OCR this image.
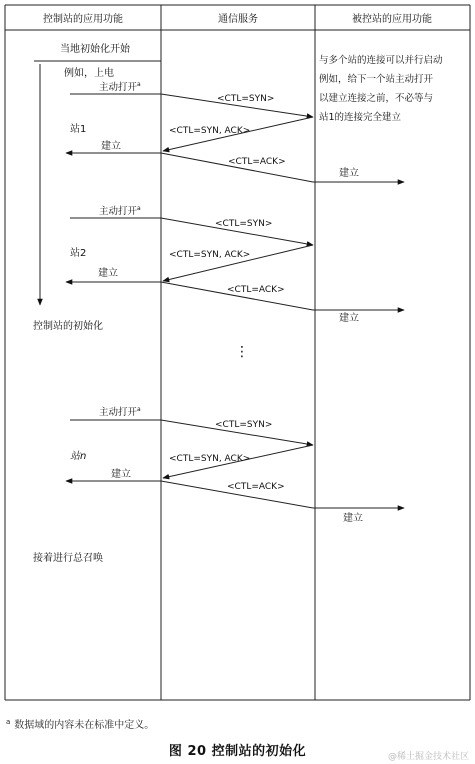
控制站的应用功能	通信服务	被控站的应用功能
当地初始化开始
例如，上电
控制站的初始化
与多个站的连接可以并行启动
例如，给下一个站主动打开
以建立连接之前，不必等与
站1的连接完全建立
主动打开$^a$
<CTL=SYN>
<CTL=SYN, ACK>
站1
建立
<CTL=ACK>
建立
主动打开$^a$
<CTL=SYN>
<CTL=SYN, ACK>
站2
建立
<CTL=ACK>
建立
⋮
主动打开$^a$
<CTL=SYN>
<CTL=SYN, ACK>
站n
建立
<CTL=ACK>
建立
接着进行总召唤
$^a$ 数据域的内容未在标准中定义。
图 20 控制站的初始化	@稀土掘金技术社区
